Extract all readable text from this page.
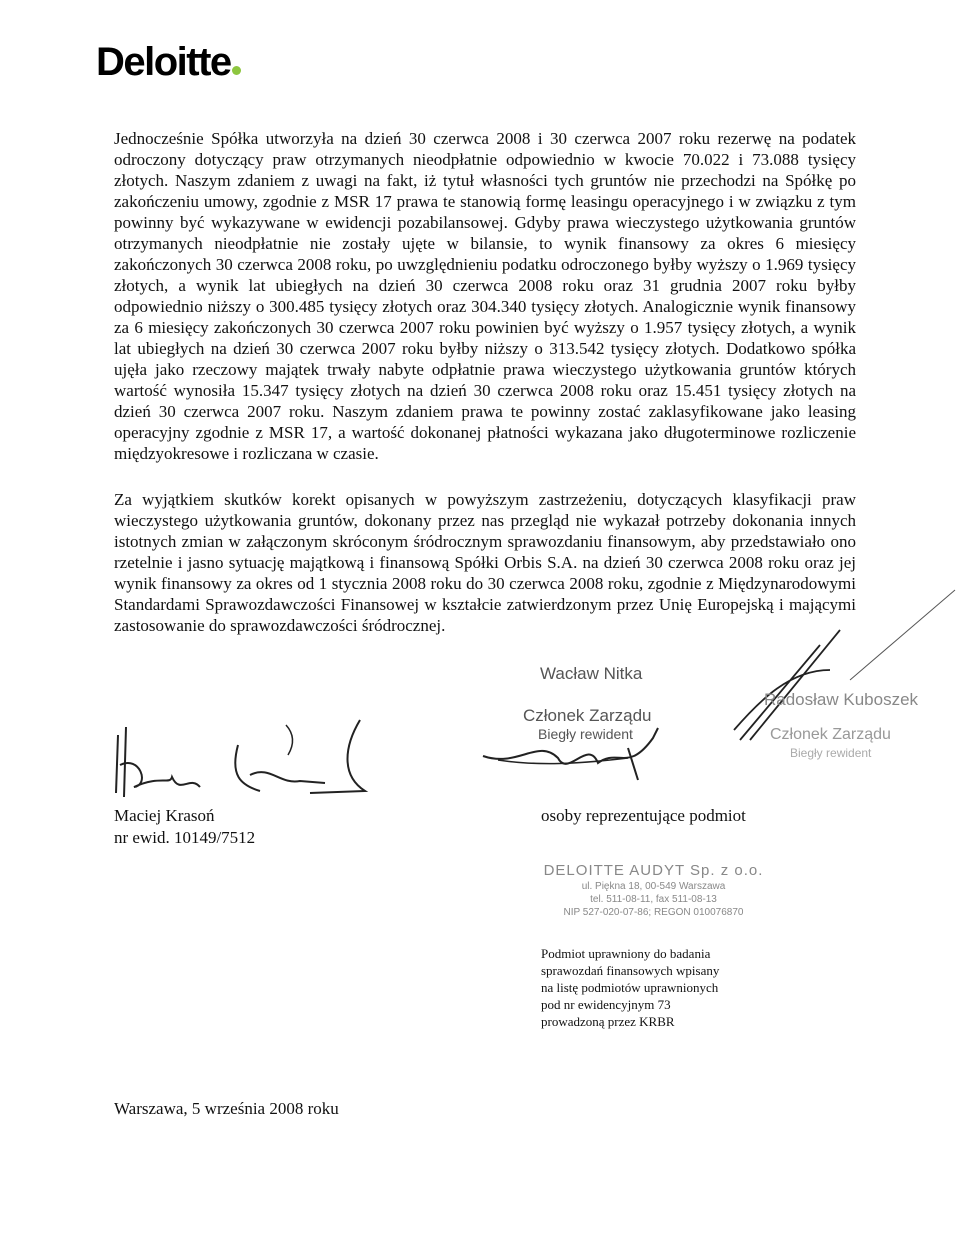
Deloitte

Jednocześnie Spółka utworzyła na dzień 30 czerwca 2008 i 30 czerwca 2007 roku rezerwę na podatek odroczony dotyczący praw otrzymanych nieodpłatnie odpowiednio w kwocie 70.022 i 73.088 tysięcy złotych. Naszym zdaniem z uwagi na fakt, iż tytuł własności tych gruntów nie przechodzi na Spółkę po zakończeniu umowy, zgodnie z MSR 17 prawa te stanowią formę leasingu operacyjnego i w związku z tym powinny być wykazywane w ewidencji pozabilansowej. Gdyby prawa wieczystego użytkowania gruntów otrzymanych nieodpłatnie nie zostały ujęte w bilansie, to wynik finansowy za okres 6 miesięcy zakończonych 30 czerwca 2008 roku, po uwzględnieniu podatku odroczonego byłby wyższy o 1.969 tysięcy złotych, a wynik lat ubiegłych na dzień 30 czerwca 2008 roku oraz 31 grudnia 2007 roku byłby odpowiednio niższy o 300.485 tysięcy złotych oraz 304.340 tysięcy złotych. Analogicznie wynik finansowy za 6 miesięcy zakończonych 30 czerwca 2007 roku powinien być wyższy o 1.957 tysięcy złotych, a wynik lat ubiegłych na dzień 30 czerwca 2007 roku byłby niższy o 313.542 tysięcy złotych. Dodatkowo spółka ujęła jako rzeczowy majątek trwały nabyte odpłatnie prawa wieczystego użytkowania gruntów których wartość wynosiła 15.347 tysięcy złotych na dzień 30 czerwca 2008 roku oraz 15.451 tysięcy złotych na dzień 30 czerwca 2007 roku. Naszym zdaniem prawa te powinny zostać zaklasyfikowane jako leasing operacyjny zgodnie z MSR 17, a wartość dokonanej płatności wykazana jako długoterminowe rozliczenie międzyokresowe i rozliczana w czasie.

Za wyjątkiem skutków korekt opisanych w powyższym zastrzeżeniu, dotyczących klasyfikacji praw wieczystego użytkowania gruntów, dokonany przez nas przegląd nie wykazał potrzeby dokonania innych istotnych zmian w załączonym skróconym śródrocznym sprawozdaniu finansowym, aby przedstawiało ono rzetelnie i jasno sytuację majątkową i finansową Spółki Orbis S.A. na dzień 30 czerwca 2008 roku oraz jej wynik finansowy za okres od 1 stycznia 2008 roku do 30 czerwca 2008 roku, zgodnie z Międzynarodowymi Standardami Sprawozdawczości Finansowej w kształcie zatwierdzonym przez Unię Europejską i mającymi zastosowanie do sprawozdawczości śródrocznej.

Wacław Nitka
Członek Zarządu
Biegły rewident
Radosław Kuboszek
Członek Zarządu
Biegły rewident
Maciej Krasoń
nr ewid. 10149/7512
osoby reprezentujące podmiot
DELOITTE AUDYT Sp. z o.o.
ul. Piękna 18, 00-549 Warszawa
tel. 511-08-11, fax 511-08-13
NIP 527-020-07-86; REGON 010076870
Podmiot uprawniony do badania
sprawozdań finansowych wpisany
na listę podmiotów uprawnionych
pod nr ewidencyjnym 73
prowadzoną przez KRBR
Warszawa, 5 września 2008 roku
